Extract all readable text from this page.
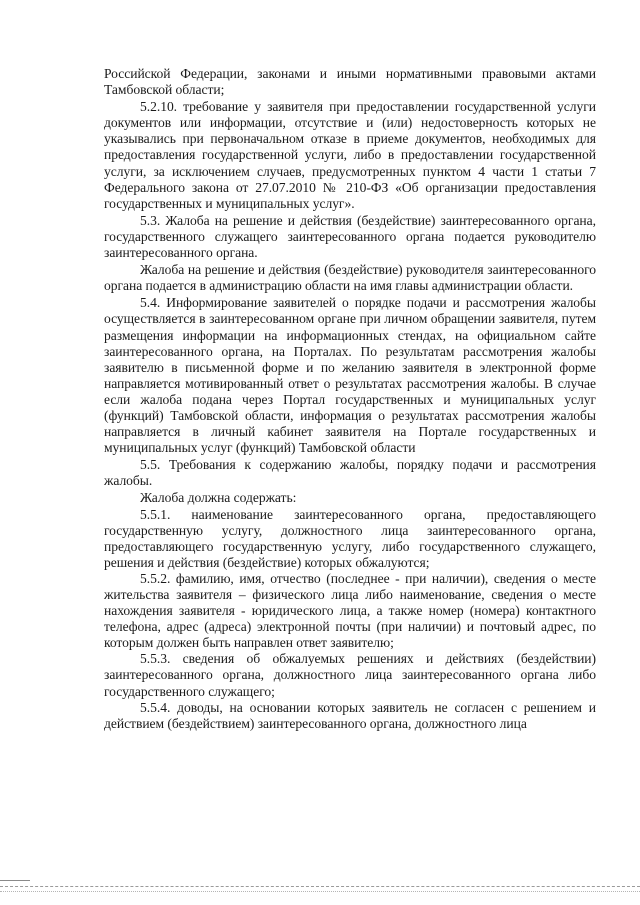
Российской Федерации, законами и иными нормативными правовыми актами Тамбовской области;

5.2.10. требование у заявителя при предоставлении государственной услуги документов или информации, отсутствие и (или) недостоверность которых не указывались при первоначальном отказе в приеме документов, необходимых для предоставления государственной услуги, либо в предоставлении государственной услуги, за исключением случаев, предусмотренных пунктом 4 части 1 статьи 7 Федерального закона от 27.07.2010 № 210-ФЗ «Об организации предоставления государственных и муниципальных услуг».

5.3. Жалоба на решение и действия (бездействие) заинтересованного органа, государственного служащего заинтересованного органа подается руководителю заинтересованного органа.

Жалоба на решение и действия (бездействие) руководителя заинтересованного органа подается в администрацию области на имя главы администрации области.

5.4. Информирование заявителей о порядке подачи и рассмотрения жалобы осуществляется в заинтересованном органе при личном обращении заявителя, путем размещения информации на информационных стендах, на официальном сайте заинтересованного органа, на Порталах. По результатам рассмотрения жалобы заявителю в письменной форме и по желанию заявителя в электронной форме направляется мотивированный ответ о результатах рассмотрения жалобы. В случае если жалоба подана через Портал государственных и муниципальных услуг (функций) Тамбовской области, информация о результатах рассмотрения жалобы направляется в личный кабинет заявителя на Портале государственных и муниципальных услуг (функций) Тамбовской области

5.5. Требования к содержанию жалобы, порядку подачи и рассмотрения жалобы.

Жалоба должна содержать:

5.5.1. наименование заинтересованного органа, предоставляющего государственную услугу, должностного лица заинтересованного органа, предоставляющего государственную услугу, либо государственного служащего, решения и действия (бездействие) которых обжалуются;

5.5.2. фамилию, имя, отчество (последнее - при наличии), сведения о месте жительства заявителя – физического лица либо наименование, сведения о месте нахождения заявителя - юридического лица, а также номер (номера) контактного телефона, адрес (адреса) электронной почты (при наличии) и почтовый адрес, по которым должен быть направлен ответ заявителю;

5.5.3. сведения об обжалуемых решениях и действиях (бездействии) заинтересованного органа, должностного лица заинтересованного органа либо государственного служащего;

5.5.4. доводы, на основании которых заявитель не согласен с решением и действием (бездействием) заинтересованного органа, должностного лица
